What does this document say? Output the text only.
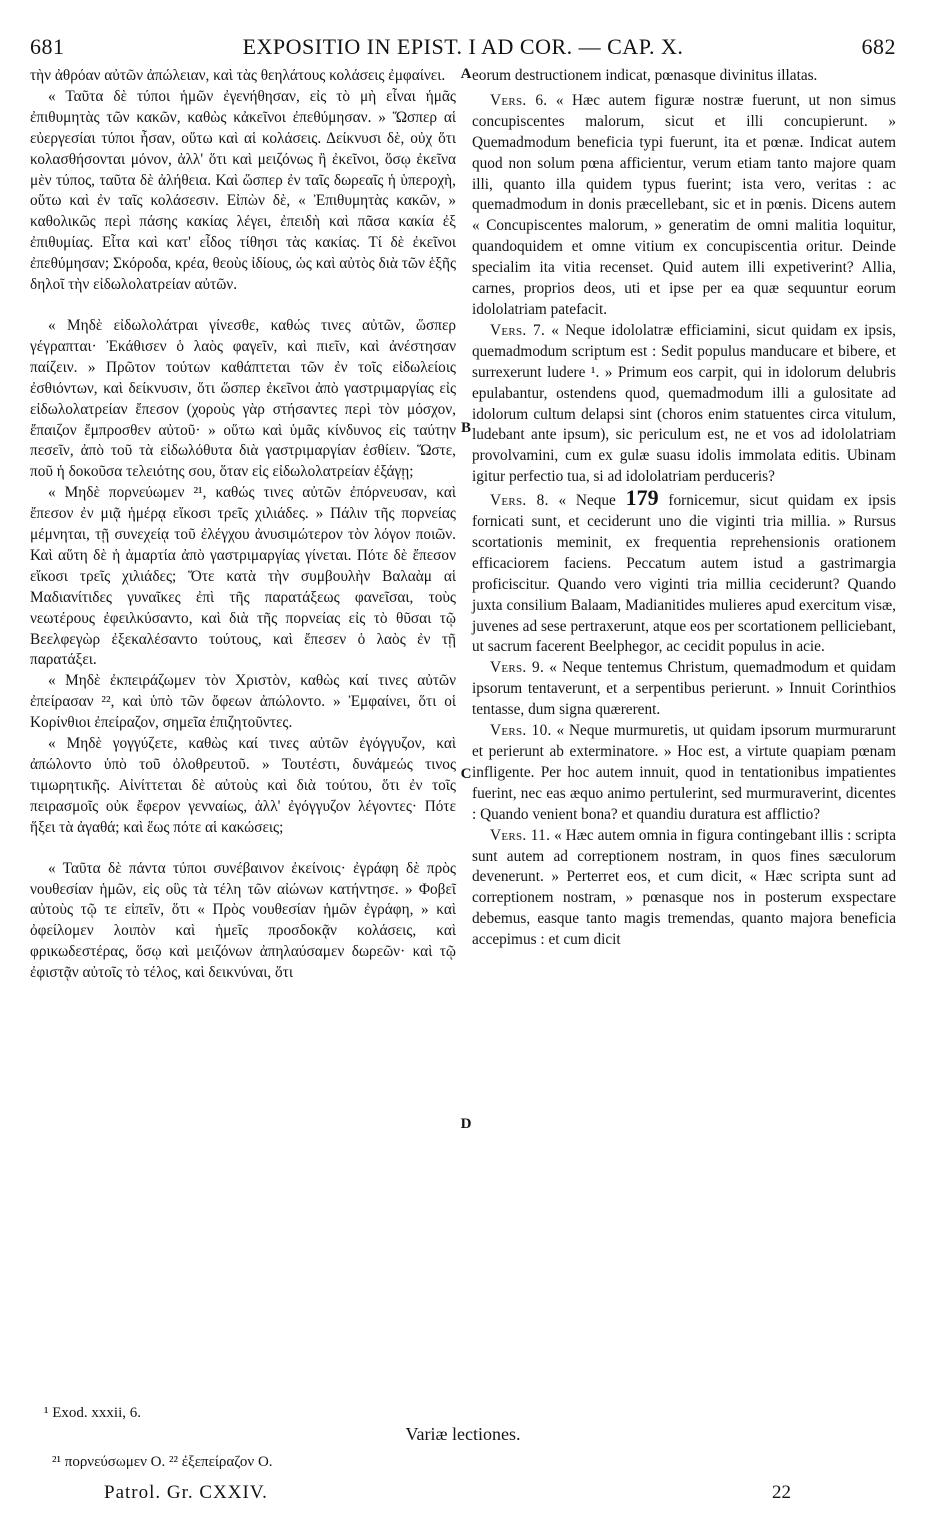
681	EXPOSITIO IN EPIST. I AD COR. — CAP. X.	682

τὴν ἀθρόαν αὐτῶν ἀπώλειαν, καὶ τὰς θεηλάτους κολάσεις ἐμφαίνει.

« Ταῦτα δὲ τύποι ἡμῶν ἐγενήθησαν, εἰς τὸ μὴ εἶναι ἡμᾶς ἐπιθυμητὰς τῶν κακῶν, καθὼς κἀκεῖνοι ἐπεθύμησαν. » Ὥσπερ αἱ εὐεργεσίαι τύποι ἦσαν, οὕτω καὶ αἱ κολάσεις. Δείκνυσι δὲ, οὐχ ὅτι κολασθήσονται μόνον, ἀλλ' ὅτι καὶ μειζόνως ἢ ἐκεῖνοι, ὅσῳ ἐκεῖνα μὲν τύπος, ταῦτα δὲ ἀλήθεια. Καὶ ὥσπερ ἐν ταῖς δωρεαῖς ἡ ὑπεροχὴ, οὕτω καὶ ἐν ταῖς κολάσεσιν. Εἰπὼν δὲ, « Ἐπιθυμητὰς κακῶν, » καθολικῶς περὶ πάσης κακίας λέγει, ἐπειδὴ καὶ πᾶσα κακία ἐξ ἐπιθυμίας. Εἶτα καὶ κατ' εἶδος τίθησι τὰς κακίας. Τί δὲ ἐκεῖνοι ἐπεθύμησαν; Σκόροδα, κρέα, θεοὺς ἰδίους, ὡς καὶ αὐτὸς διὰ τῶν ἑξῆς δηλοῖ τὴν εἰδωλολατρείαν αὐτῶν.

« Μηδὲ εἰδωλολάτραι γίνεσθε, καθώς τινες αὐτῶν, ὥσπερ γέγραπται· Ἐκάθισεν ὁ λαὸς φαγεῖν, καὶ πιεῖν, καὶ ἀνέστησαν παίζειν. » Πρῶτον τούτων καθάπτεται τῶν ἐν τοῖς εἰδωλείοις ἐσθιόντων, καὶ δείκνυσιν, ὅτι ὥσπερ ἐκεῖνοι ἀπὸ γαστριμαργίας εἰς εἰδωλολατρείαν ἔπεσον (χοροὺς γὰρ στήσαντες περὶ τὸν μόσχον, ἔπαιζον ἔμπροσθεν αὐτοῦ· » οὕτω καὶ ὑμᾶς κίνδυνος εἰς ταύτην πεσεῖν, ἀπὸ τοῦ τὰ εἰδωλόθυτα διὰ γαστριμαργίαν ἐσθίειν. Ὥστε, ποῦ ἡ δοκοῦσα τελειότης σου, ὅταν εἰς εἰδωλολατρείαν ἐξάγῃ;

« Μηδὲ πορνεύωμεν ²¹, καθώς τινες αὐτῶν ἐπόρνευσαν, καὶ ἔπεσον ἐν μιᾷ ἡμέρᾳ εἴκοσι τρεῖς χιλιάδες. » Πάλιν τῆς πορνείας μέμνηται, τῇ συνεχείᾳ τοῦ ἐλέγχου ἀνυσιμώτερον τὸν λόγον ποιῶν. Καὶ αὕτη δὲ ἡ ἁμαρτία ἀπὸ γαστριμαργίας γίνεται. Πότε δὲ ἔπεσον εἴκοσι τρεῖς χιλιάδες; Ὅτε κατὰ τὴν συμβουλὴν Βαλαὰμ αἱ Μαδιανίτιδες γυναῖκες ἐπὶ τῆς παρατάξεως φανεῖσαι, τοὺς νεωτέρους ἐφειλκύσαντο, καὶ διὰ τῆς πορνείας εἰς τὸ θῦσαι τῷ Βεελφεγὼρ ἐξεκαλέσαντο τούτους, καὶ ἔπεσεν ὁ λαὸς ἐν τῇ παρατάξει.

« Μηδὲ ἐκπειράζωμεν τὸν Χριστὸν, καθὼς καί τινες αὐτῶν ἐπείρασαν ²², καὶ ὑπὸ τῶν ὄφεων ἀπώλοντο. » Ἐμφαίνει, ὅτι οἱ Κορίνθιοι ἐπείραζον, σημεῖα ἐπιζητοῦντες.

« Μηδὲ γογγύζετε, καθὼς καί τινες αὐτῶν ἐγόγγυζον, καὶ ἀπώλοντο ὑπὸ τοῦ ὀλοθρευτοῦ. » Τουτέστι, δυνάμεώς τινος τιμωρητικῆς. Αἰνίττεται δὲ αὐτοὺς καὶ διὰ τούτου, ὅτι ἐν τοῖς πειρασμοῖς οὐκ ἔφερον γενναίως, ἀλλ' ἐγόγγυζον λέγοντες· Πότε ἥξει τὰ ἀγαθά; καὶ ἕως πότε αἱ κακώσεις;

« Ταῦτα δὲ πάντα τύποι συνέβαινον ἐκείνοις· ἐγράφη δὲ πρὸς νουθεσίαν ἡμῶν, εἰς οὓς τὰ τέλη τῶν αἰώνων κατήντησε. » Φοβεῖ αὐτοὺς τῷ τε εἰπεῖν, ὅτι « Πρὸς νουθεσίαν ἡμῶν ἐγράφη, » καὶ ὀφείλομεν λοιπὸν καὶ ἡμεῖς προσδοκᾷν κολάσεις, καὶ φρικωδεστέρας, ὅσῳ καὶ μειζόνων ἀπηλαύσαμεν δωρεῶν· καὶ τῷ ἐφιστᾷν αὐτοῖς τὸ τέλος, καὶ δεικνύναι, ὅτι

eorum destructionem indicat, pœnasque divinitus illatas.

Vers. 6. « Hæc autem figuræ nostræ fuerunt, ut non simus concupiscentes malorum, sicut et illi concupierunt. » Quemadmodum beneficia typi fuerunt, ita et pœnæ. Indicat autem quod non solum pœna afficientur, verum etiam tanto majore quam illi, quanto illa quidem typus fuerint; ista vero, veritas : ac quemadmodum in donis præcellebant, sic et in pœnis. Dicens autem « Concupiscentes malorum, » generatim de omni malitia loquitur, quandoquidem et omne vitium ex concupiscentia oritur. Deinde specialim ita vitia recenset. Quid autem illi expetiverint? Allia, carnes, proprios deos, uti et ipse per ea quæ sequuntur eorum idololatriam patefacit.

Vers. 7. « Neque idololatræ efficiamini, sicut quidam ex ipsis, quemadmodum scriptum est : Sedit populus manducare et bibere, et surrexerunt ludere ¹. » Primum eos carpit, qui in idolorum delubris epulabantur, ostendens quod, quemadmodum illi a gulositate ad idolorum cultum delapsi sint (choros enim statuentes circa vitulum, ludebant ante ipsum), sic periculum est, ne et vos ad idololatriam provolvamini, cum ex gulæ suasu idolis immolata editis. Ubinam igitur perfectio tua, si ad idololatriam perduceris?

Vers. 8. « Neque 179 fornicemur, sicut quidam ex ipsis fornicati sunt, et ceciderunt uno die viginti tria millia. » Rursus scortationis meminit, ex frequentia reprehensionis orationem efficaciorem faciens. Peccatum autem istud a gastrimargia proficiscitur. Quando vero viginti tria millia ceciderunt? Quando juxta consilium Balaam, Madianitides mulieres apud exercitum visæ, juvenes ad sese pertraxerunt, atque eos per scortationem pelliciebant, ut sacrum facerent Beelphegor, ac cecidit populus in acie.

Vers. 9. « Neque tentemus Christum, quemadmodum et quidam ipsorum tentaverunt, et a serpentibus perierunt. » Innuit Corinthios tentasse, dum signa quærerent.

Vers. 10. « Neque murmuretis, ut quidam ipsorum murmurarunt et perierunt ab exterminatore. » Hoc est, a virtute quapiam pœnam infligente. Per hoc autem innuit, quod in tentationibus impatientes fuerint, nec eas æquo animo pertulerint, sed murmuraverint, dicentes : Quando venient bona? et quandiu duratura est afflictio?

Vers. 11. « Hæc autem omnia in figura contingebant illis : scripta sunt autem ad correptionem nostram, in quos fines sæculorum devenerunt. » Perterret eos, et cum dicit, « Hæc scripta sunt ad correptionem nostram, » pœnasque nos in posterum exspectare debemus, easque tanto magis tremendas, quanto majora beneficia accepimus : et cum dicit

A
B
C
D
¹ Exod. xxxii, 6.
Variæ lectiones.
²¹ πορνεύσωμεν O. ²² ἐξεπείραζον O.
Patrol. Gr. CXXIV.	22
